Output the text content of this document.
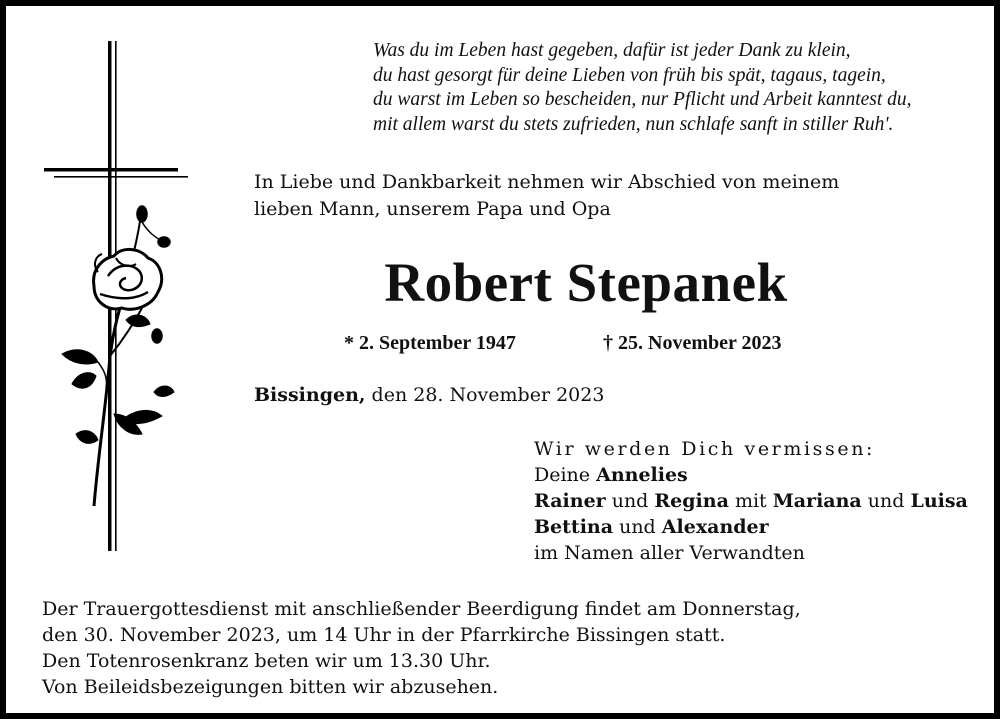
Was du im Leben hast gegeben, dafür ist jeder Dank zu klein,
du hast gesorgt für deine Lieben von früh bis spät, tagaus, tagein,
du warst im Leben so bescheiden, nur Pflicht und Arbeit kanntest du,
mit allem warst du stets zufrieden, nun schlafe sanft in stiller Ruh'.
In Liebe und Dankbarkeit nehmen wir Abschied von meinem
lieben Mann, unserem Papa und Opa
Robert Stepanek
* 2. September 1947	† 25. November 2023
Bissingen, den 28. November 2023
Wir werden Dich vermissen:
Deine Annelies
Rainer und Regina mit Mariana und Luisa
Bettina und Alexander
im Namen aller Verwandten
Der Trauergottesdienst mit anschließender Beerdigung findet am Donnerstag,
den 30. November 2023, um 14 Uhr in der Pfarrkirche Bissingen statt.
Den Totenrosenkranz beten wir um 13.30 Uhr.
Von Beileidsbezeigungen bitten wir abzusehen.
